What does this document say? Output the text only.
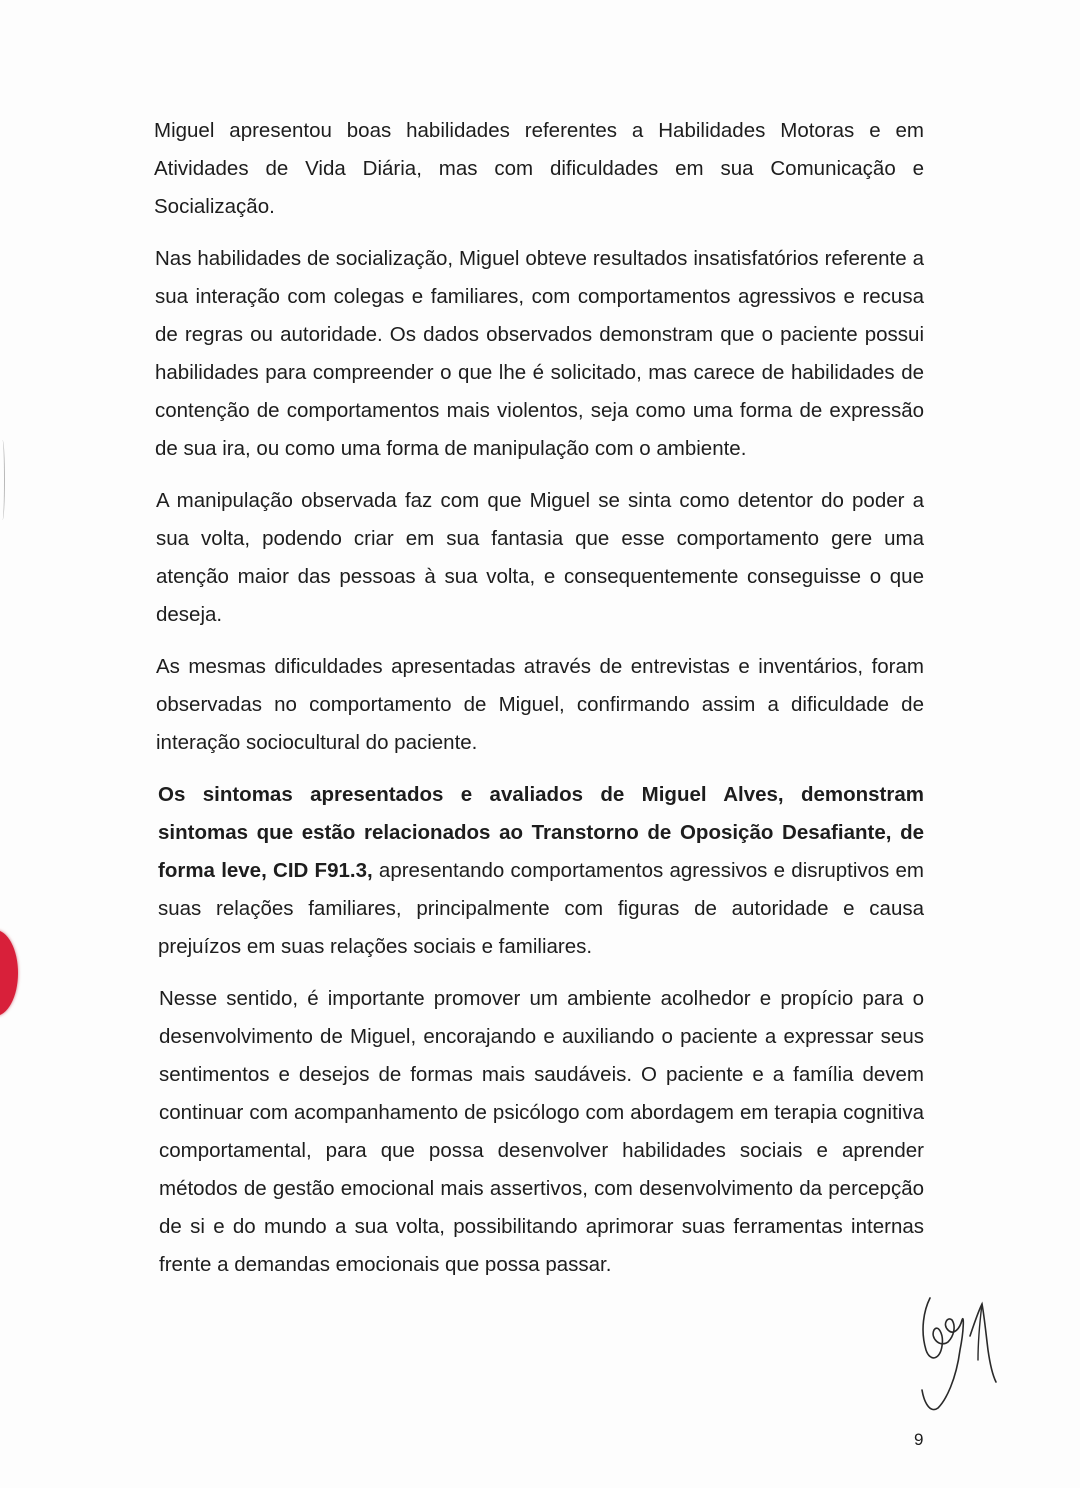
Miguel apresentou boas habilidades referentes a Habilidades Motoras e em Atividades de Vida Diária, mas com dificuldades em sua Comunicação e Socialização.

Nas habilidades de socialização, Miguel obteve resultados insatisfatórios referente a sua interação com colegas e familiares, com comportamentos agressivos e recusa de regras ou autoridade. Os dados observados demonstram que o paciente possui habilidades para compreender o que lhe é solicitado, mas carece de habilidades de contenção de comportamentos mais violentos, seja como uma forma de expressão de sua ira, ou como uma forma de manipulação com o ambiente.

A manipulação observada faz com que Miguel se sinta como detentor do poder a sua volta, podendo criar em sua fantasia que esse comportamento gere uma atenção maior das pessoas à sua volta, e consequentemente conseguisse o que deseja.

As mesmas dificuldades apresentadas através de entrevistas e inventários, foram observadas no comportamento de Miguel, confirmando assim a dificuldade de interação sociocultural do paciente.

Os sintomas apresentados e avaliados de Miguel Alves, demonstram sintomas que estão relacionados ao Transtorno de Oposição Desafiante, de forma leve, CID F91.3, apresentando comportamentos agressivos e disruptivos em suas relações familiares, principalmente com figuras de autoridade e causa prejuízos em suas relações sociais e familiares.

Nesse sentido, é importante promover um ambiente acolhedor e propício para o desenvolvimento de Miguel, encorajando e auxiliando o paciente a expressar seus sentimentos e desejos de formas mais saudáveis. O paciente e a família devem continuar com acompanhamento de psicólogo com abordagem em terapia cognitiva comportamental, para que possa desenvolver habilidades sociais e aprender métodos de gestão emocional mais assertivos, com desenvolvimento da percepção de si e do mundo a sua volta, possibilitando aprimorar suas ferramentas internas frente a demandas emocionais que possa passar.

9
